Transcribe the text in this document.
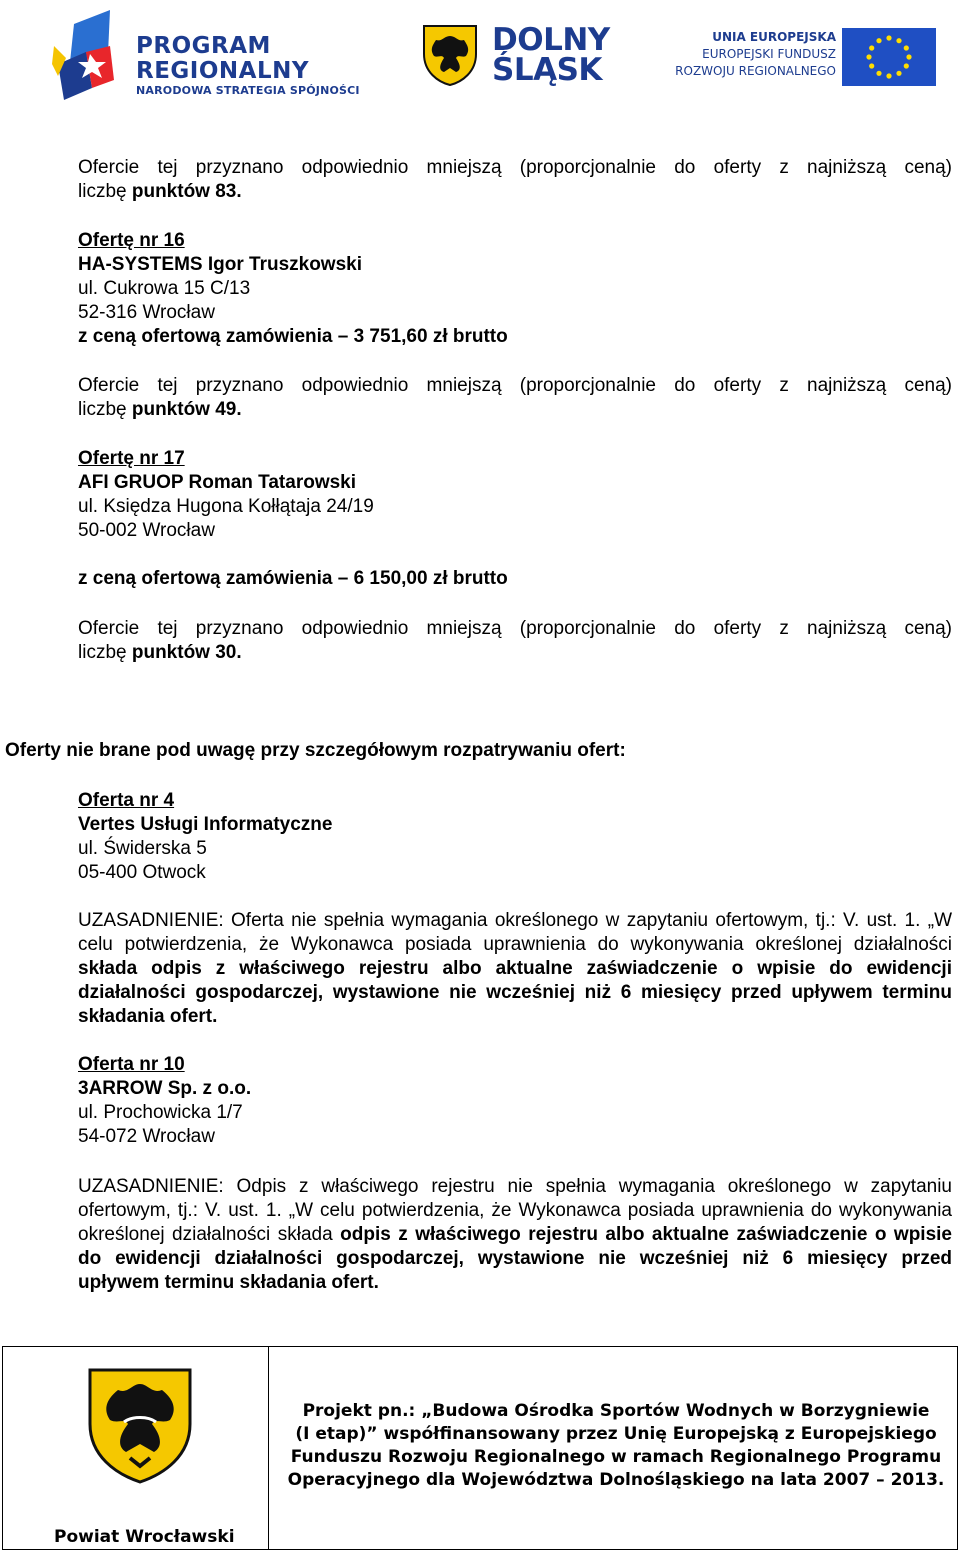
PROGRAM
REGIONALNY
NARODOWA STRATEGIA SPÓJNOŚCI
DOLNY
ŚLĄSK
UNIA EUROPEJSKA
EUROPEJSKI FUNDUSZ
ROZWOJU REGIONALNEGO
Ofercie tej przyznano odpowiednio mniejszą (proporcjonalnie do oferty z najniższą ceną)
liczbę punktów 83.
Ofertę nr 16
HA-SYSTEMS Igor Truszkowski
ul. Cukrowa 15 C/13
52-316 Wrocław
z ceną ofertową zamówienia – 3 751,60 zł brutto
Ofercie tej przyznano odpowiednio mniejszą (proporcjonalnie do oferty z najniższą ceną)
liczbę punktów 49.
Ofertę nr 17
AFI GRUOP Roman Tatarowski
ul. Księdza Hugona Kołłątaja 24/19
50-002 Wrocław
z ceną ofertową zamówienia – 6 150,00 zł brutto
Ofercie tej przyznano odpowiednio mniejszą (proporcjonalnie do oferty z najniższą ceną)
liczbę punktów 30.
Oferty nie brane pod uwagę przy szczegółowym rozpatrywaniu ofert:
Oferta nr 4
Vertes Usługi Informatyczne
ul. Świderska 5
05-400 Otwock
UZASADNIENIE: Oferta nie spełnia wymagania określonego w zapytaniu ofertowym, tj.: V. ust. 1. „W celu potwierdzenia, że Wykonawca posiada uprawnienia do wykonywania określonej działalności składa odpis z właściwego rejestru albo aktualne zaświadczenie o wpisie do ewidencji działalności gospodarczej, wystawione nie wcześniej niż 6 miesięcy przed upływem terminu składania ofert.
Oferta nr 10
3ARROW Sp. z o.o.
ul. Prochowicka 1/7
54-072 Wrocław
UZASADNIENIE: Odpis z właściwego rejestru nie spełnia wymagania określonego w zapytaniu ofertowym, tj.: V. ust. 1. „W celu potwierdzenia, że Wykonawca posiada uprawnienia do wykonywania określonej działalności składa odpis z właściwego rejestru albo aktualne zaświadczenie o wpisie do ewidencji działalności gospodarczej, wystawione nie wcześniej niż 6 miesięcy przed upływem terminu składania ofert.
Projekt pn.: „Budowa Ośrodka Sportów Wodnych w Borzygniewie
(I etap)” współfinansowany przez Unię Europejską z Europejskiego
Funduszu Rozwoju Regionalnego w ramach Regionalnego Programu
Operacyjnego dla Województwa Dolnośląskiego na lata 2007 – 2013.
Powiat Wrocławski
